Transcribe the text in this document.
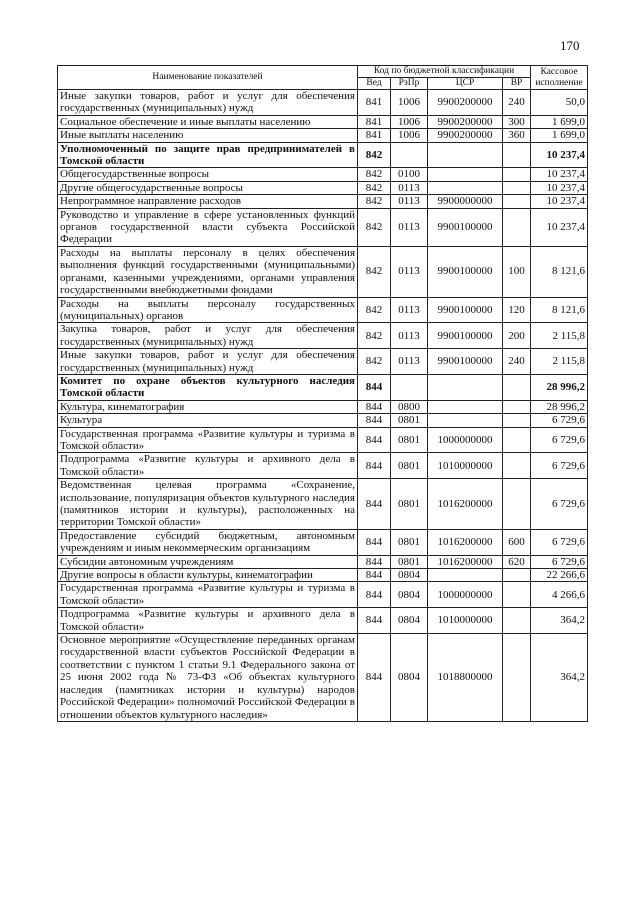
170
Наименование показателей	Код по бюджетной классификации				Кассовое исполнение
	Вед	РзПр	ЦСР	ВР	
Иные закупки товаров, работ и услуг для обеспечения государственных (муниципальных) нужд	841	1006	9900200000	240	50,0
Социальное обеспечение и иные выплаты населению	841	1006	9900200000	300	1 699,0
Иные выплаты населению	841	1006	9900200000	360	1 699,0
Уполномоченный по защите прав предпринимателей в Томской области	842				10 237,4
Общегосударственные вопросы	842	0100			10 237,4
Другие общегосударственные вопросы	842	0113			10 237,4
Непрограммное направление расходов	842	0113	9900000000		10 237,4
Руководство и управление в сфере установленных функций органов государственной власти субъекта Российской Федерации	842	0113	9900100000		10 237,4
Расходы на выплаты персоналу в целях обеспечения выполнения функций государственными (муниципальными) органами, казенными учреждениями, органами управления государственными внебюджетными фондами	842	0113	9900100000	100	8 121,6
Расходы на выплаты персоналу государственных (муниципальных) органов	842	0113	9900100000	120	8 121,6
Закупка товаров, работ и услуг для обеспечения государственных (муниципальных) нужд	842	0113	9900100000	200	2 115,8
Иные закупки товаров, работ и услуг для обеспечения государственных (муниципальных) нужд	842	0113	9900100000	240	2 115,8
Комитет по охране объектов культурного наследия Томской области	844				28 996,2
Культура, кинематография	844	0800			28 996,2
Культура	844	0801			6 729,6
Государственная программа «Развитие культуры и туризма в Томской области»	844	0801	1000000000		6 729,6
Подпрограмма «Развитие культуры и архивного дела в Томской области»	844	0801	1010000000		6 729,6
Ведомственная целевая программа «Сохранение, использование, популяризация объектов культурного наследия (памятников истории и культуры), расположенных на территории Томской области»	844	0801	1016200000		6 729,6
Предоставление субсидий бюджетным, автономным учреждениям и иным некоммерческим организациям	844	0801	1016200000	600	6 729,6
Субсидии автономным учреждениям	844	0801	1016200000	620	6 729,6
Другие вопросы в области культуры, кинематографии	844	0804			22 266,6
Государственная программа «Развитие культуры и туризма в Томской области»	844	0804	1000000000		4 266,6
Подпрограмма «Развитие культуры и архивного дела в Томской области»	844	0804	1010000000		364,2
Основное мероприятие «Осуществление переданных органам государственной власти субъектов Российской Федерации в соответствии с пунктом 1 статьи 9.1 Федерального закона от 25 июня 2002 года № 73-ФЗ «Об объектах культурного наследия (памятниках истории и культуры) народов Российской Федерации» полномочий Российской Федерации в отношении объектов культурного наследия»	844	0804	1018800000		364,2
